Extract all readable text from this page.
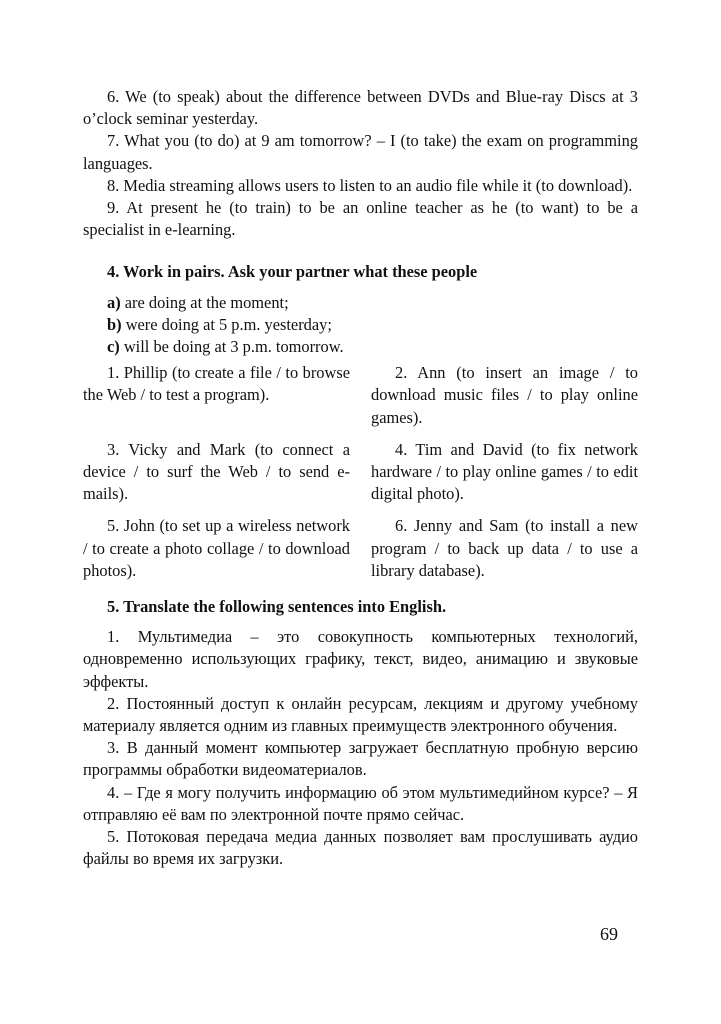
6. We (to speak) about the difference between DVDs and Blue-ray Discs at 3 o’clock seminar yesterday.

7. What you (to do) at 9 am tomorrow? – I (to take) the exam on programming languages.

8. Media streaming allows users to listen to an audio file while it (to download).

9. At present he (to train) to be an online teacher as he (to want) to be a specialist in e-learning.

4. Work in pairs. Ask your partner what these people

a) are doing at the moment;

b) were doing at 5 p.m. yesterday;

c) will be doing at 3 p.m. tomorrow.

1. Phillip (to create a file / to browse the Web / to test a program).

2. Ann (to insert an image / to download music files / to play online games).

3. Vicky and Mark (to connect a device / to surf the Web / to send e-mails).

4. Tim and David (to fix network hardware / to play online games / to edit digital photo).

5. John (to set up a wireless network / to create a photo collage / to download photos).

6. Jenny and Sam (to install a new program / to back up data / to use a library database).

5. Translate the following sentences into English.

1. Мультимедиа – это совокупность компьютерных технологий, одновременно использующих графику, текст, видео, анимацию и звуковые эффекты.

2. Постоянный доступ к онлайн ресурсам, лекциям и другому учебному материалу является одним из главных преимуществ электронного обучения.

3. В данный момент компьютер загружает бесплатную пробную версию программы обработки видеоматериалов.

4. – Где я могу получить информацию об этом мультимедийном курсе? – Я отправляю её вам по электронной почте прямо сейчас.

5. Потоковая передача медиа данных позволяет вам прослушивать аудио файлы во время их загрузки.

69
